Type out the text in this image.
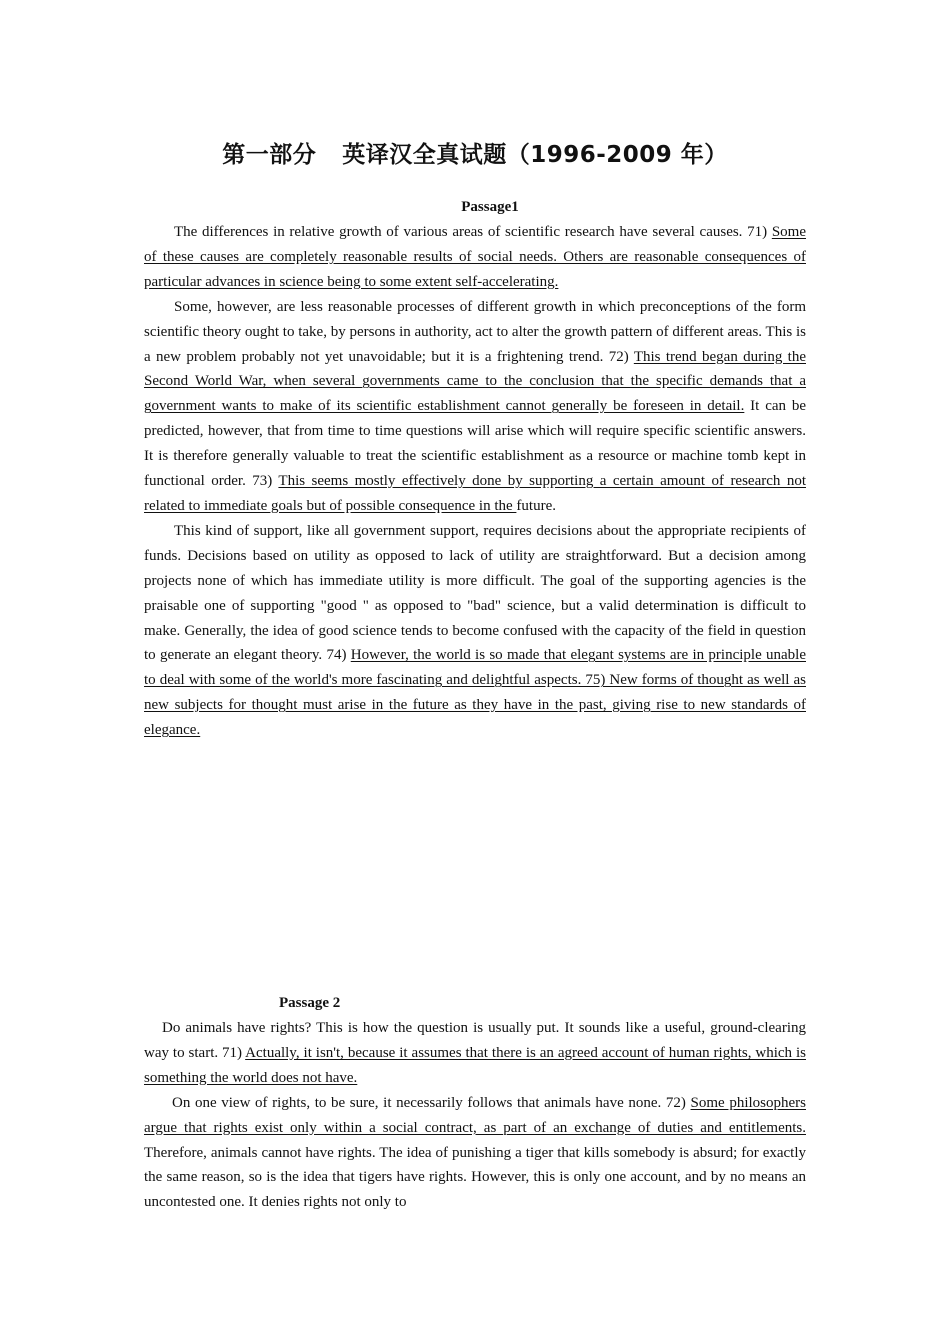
第一部分 英译汉全真试题（1996-2009 年）
Passage1

The differences in relative growth of various areas of scientific research have several causes. 71) Some of these causes are completely reasonable results of social needs. Others are reasonable consequences of particular advances in science being to some extent self-accelerating.

Some, however, are less reasonable processes of different growth in which preconceptions of the form scientific theory ought to take, by persons in authority, act to alter the growth pattern of different areas. This is a new problem probably not yet unavoidable; but it is a frightening trend. 72) This trend began during the Second World War, when several governments came to the conclusion that the specific demands that a government wants to make of its scientific establishment cannot generally be foreseen in detail. It can be predicted, however, that from time to time questions will arise which will require specific scientific answers. It is therefore generally valuable to treat the scientific establishment as a resource or machine tomb kept in functional order. 73) This seems mostly effectively done by supporting a certain amount of research not related to immediate goals but of possible consequence in the future.

This kind of support, like all government support, requires decisions about the appropriate recipients of funds. Decisions based on utility as opposed to lack of utility are straightforward. But a decision among projects none of which has immediate utility is more difficult. The goal of the supporting agencies is the praisable one of supporting "good " as opposed to "bad" science, but a valid determination is difficult to make. Generally, the idea of good science tends to become confused with the capacity of the field in question to generate an elegant theory. 74) However, the world is so made that elegant systems are in principle unable to deal with some of the world's more fascinating and delightful aspects. 75) New forms of thought as well as new subjects for thought must arise in the future as they have in the past, giving rise to new standards of elegance.

Passage 2

Do animals have rights? This is how the question is usually put. It sounds like a useful, ground-clearing way to start. 71) Actually, it isn't, because it assumes that there is an agreed account of human rights, which is something the world does not have.

On one view of rights, to be sure, it necessarily follows that animals have none. 72) Some philosophers argue that rights exist only within a social contract, as part of an exchange of duties and entitlements. Therefore, animals cannot have rights. The idea of punishing a tiger that kills somebody is absurd; for exactly the same reason, so is the idea that tigers have rights. However, this is only one account, and by no means an uncontested one. It denies rights not only to
